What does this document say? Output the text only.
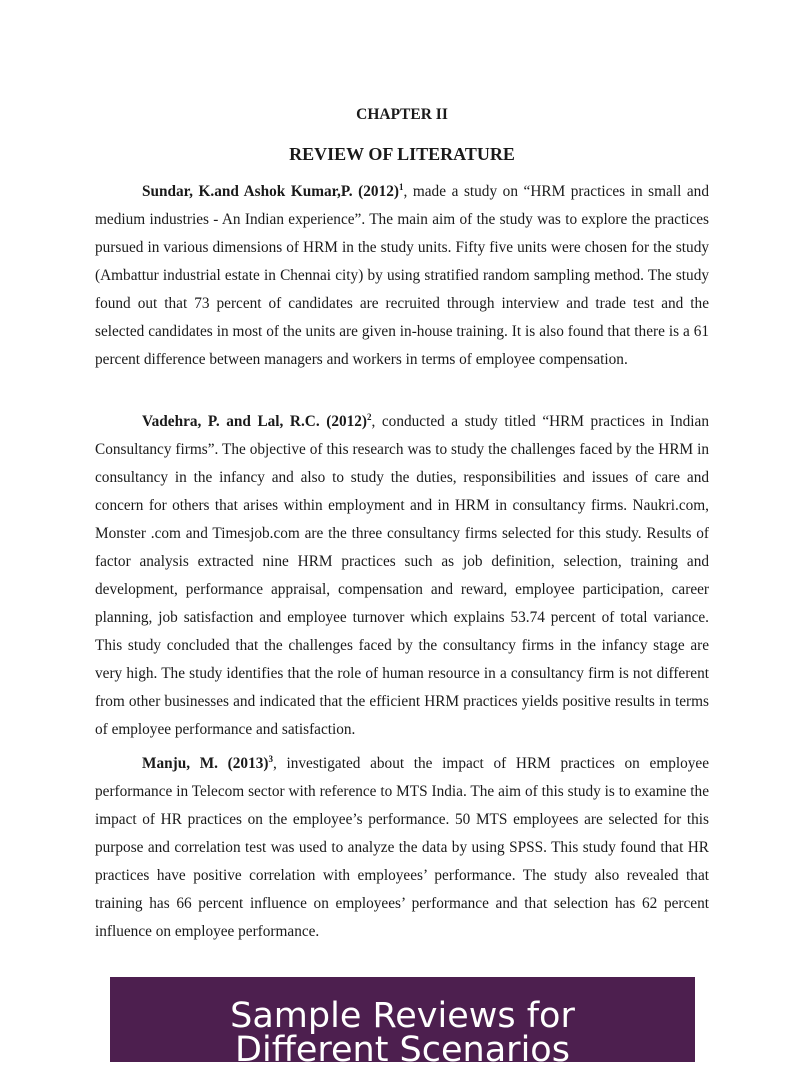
CHAPTER II
REVIEW OF LITERATURE

Sundar, K.and Ashok Kumar,P. $(2012)^1$, made a study on “HRM practices in small and medium industries - An Indian experience”. The main aim of the study was to explore the practices pursued in various dimensions of HRM in the study units. Fifty five units were chosen for the study (Ambattur industrial estate in Chennai city) by using stratified random sampling method. The study found out that 73 percent of candidates are recruited through interview and trade test and the selected candidates in most of the units are given in-house training. It is also found that there is a 61 percent difference between managers and workers in terms of employee compensation.

Vadehra, P. and Lal, R.C. $(2012)^2$, conducted a study titled “HRM practices in Indian Consultancy firms”. The objective of this research was to study the challenges faced by the HRM in consultancy in the infancy and also to study the duties, responsibilities and issues of care and concern for others that arises within employment and in HRM in consultancy firms. Naukri.com, Monster .com and Timesjob.com are the three consultancy firms selected for this study. Results of factor analysis extracted nine HRM practices such as job definition, selection, training and development, performance appraisal, compensation and reward, employee participation, career planning, job satisfaction and employee turnover which explains 53.74 percent of total variance. This study concluded that the challenges faced by the consultancy firms in the infancy stage are very high. The study identifies that the role of human resource in a consultancy firm is not different from other businesses and indicated that the efficient HRM practices yields positive results in terms of employee performance and satisfaction.

Manju, M. $(2013)^3$, investigated about the impact of HRM practices on employee performance in Telecom sector with reference to MTS India. The aim of this study is to examine the impact of HR practices on the employee’s performance. 50 MTS employees are selected for this purpose and correlation test was used to analyze the data by using SPSS. This study found that HR practices have positive correlation with employees’ performance. The study also revealed that training has 66 percent influence on employees’ performance and that selection has 62 percent influence on employee performance.

Sample Reviews for
Different Scenarios
